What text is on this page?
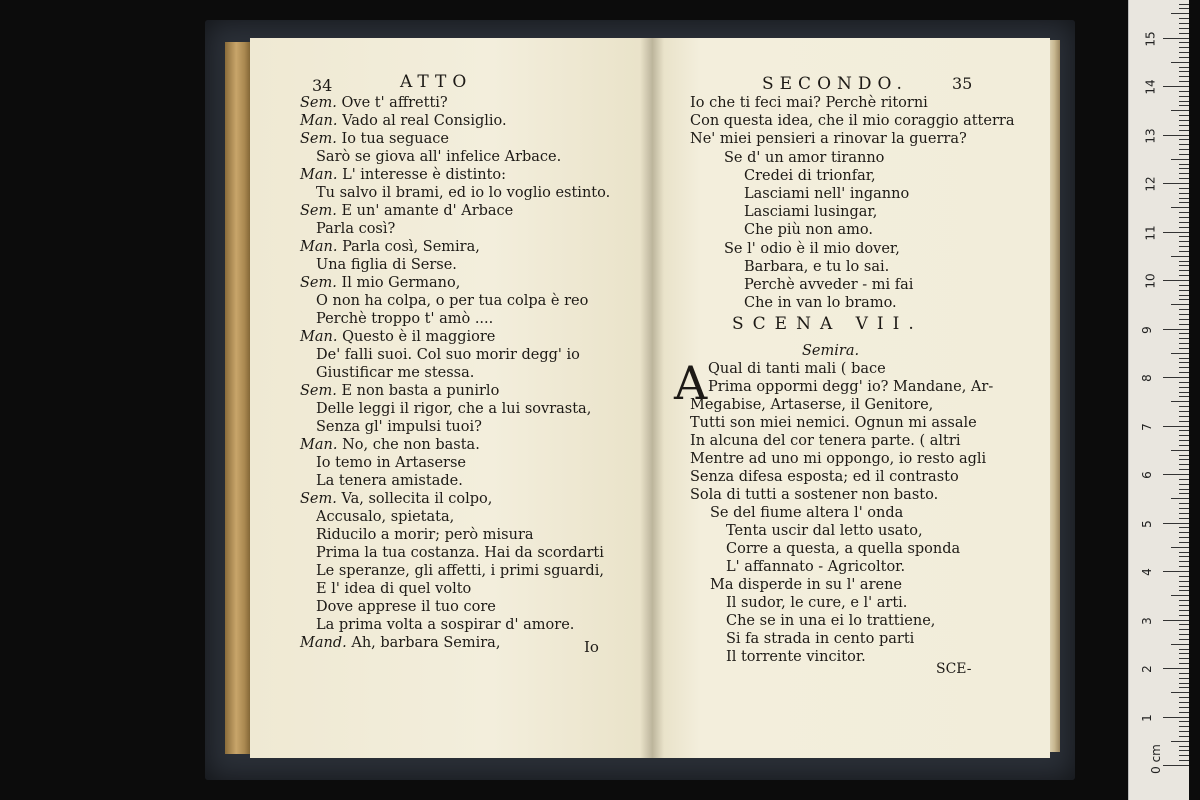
34	ATTO
Sem. Ove t' affretti?
Man. Vado al real Consiglio.
Sem. Io tua seguace
Sarò se giova all' infelice Arbace.
Man. L' interesse è distinto:
Tu salvo il brami, ed io lo voglio estinto.
Sem. E un' amante d' Arbace
Parla così?
Man. Parla così, Semira,
Una figlia di Serse.
Sem. Il mio Germano,
O non ha colpa, o per tua colpa è reo
Perchè troppo t' amò ....
Man. Questo è il maggiore
De' falli suoi. Col suo morir degg' io
Giustificar me stessa.
Sem. E non basta a punirlo
Delle leggi il rigor, che a lui sovrasta,
Senza gl' impulsi tuoi?
Man. No, che non basta.
Io temo in Artaserse
La tenera amistade.
Sem. Va, sollecita il colpo,
Accusalo, spietata,
Riducilo a morir; però misura
Prima la tua costanza. Hai da scordarti
Le speranze, gli affetti, i primi sguardi,
E l' idea di quel volto
Dove apprese il tuo core
La prima volta a sospirar d' amore.
Mand. Ah, barbara Semira,	Io
SECONDO.	35
Io che ti feci mai? Perchè ritorni
Con questa idea, che il mio coraggio atterra
Ne' miei pensieri a rinovar la guerra?
Se d' un amor tiranno
Credei di trionfar,
Lasciami nell' inganno
Lasciami lusingar,
Che più non amo.
Se l' odio è il mio dover,
Barbara, e tu lo sai.
Perchè avveder - mi fai
Che in van lo bramo.
SCENA VII.
Semira.
A Qual di tanti mali ( bace
Prima oppormi degg' io? Mandane, Ar-
Megabise, Artaserse, il Genitore,
Tutti son miei nemici. Ognun mi assale
In alcuna del cor tenera parte. ( altri
Mentre ad uno mi oppongo, io resto agli
Senza difesa esposta; ed il contrasto
Sola di tutti a sostener non basto.
Se del fiume altera l' onda
Tenta uscir dal letto usato,
Corre a questa, a quella sponda
L' affannato - Agricoltor.
Ma disperde in su l' arene
Il sudor, le cure, e l' arti.
Che se in una ei lo trattiene,
Si fa strada in cento parti
Il torrente vincitor.
SCE-
0 cm
1
2
3
4
5
6
7
8
9
10
11
12
13
14
15
